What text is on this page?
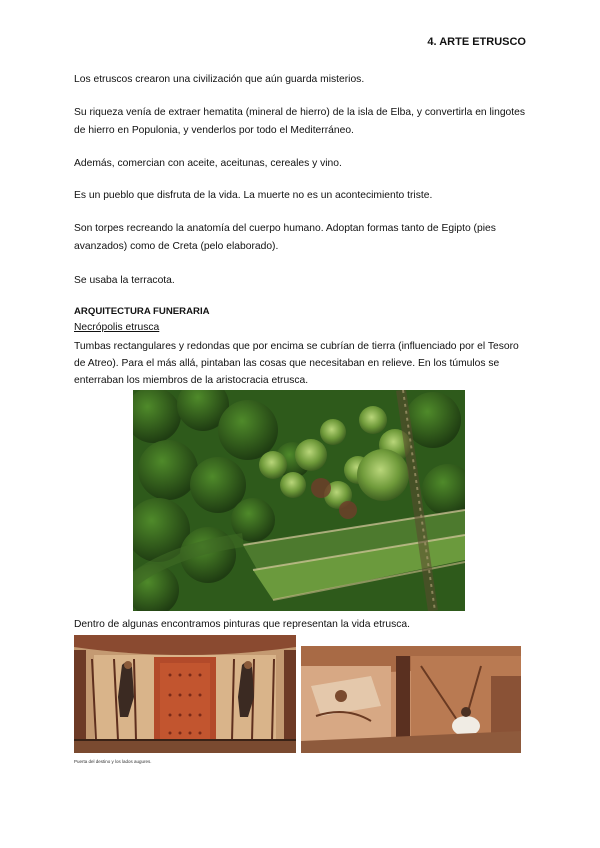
4. ARTE ETRUSCO
Los etruscos crearon una civilización que aún guarda misterios.
Su riqueza venía de extraer hematita (mineral de hierro) de la isla de Elba, y convertirla en lingotes de hierro en Populonia, y venderlos por todo el Mediterráneo.
Además, comercian con aceite, aceitunas, cereales y vino.
Es un pueblo que disfruta de la vida. La muerte no es un acontecimiento triste.
Son torpes recreando la anatomía del cuerpo humano. Adoptan formas tanto de Egipto (pies avanzados) como de Creta (pelo elaborado).
Se usaba la terracota.
ARQUITECTURA FUNERARIA
Necrópolis etrusca
Tumbas rectangulares y redondas que por encima se cubrían de tierra (influenciado por el Tesoro de Atreo). Para el más allá, pintaban las cosas que necesitaban en relieve. En los túmulos se enterraban los miembros de la aristocracia etrusca.
Dentro de algunas encontramos pinturas que representan la vida etrusca.
Puerta del destino y los lados augures.
